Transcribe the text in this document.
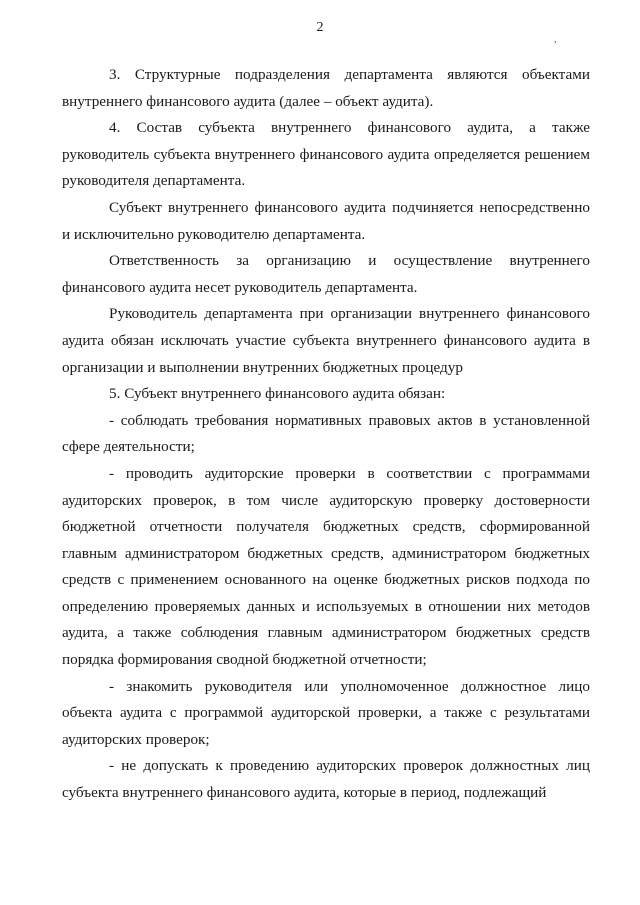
2
,

3. Структурные подразделения департамента являются объектами внутреннего финансового аудита (далее – объект аудита).

4. Состав субъекта внутреннего финансового аудита, а также руководитель субъекта внутреннего финансового аудита определяется решением руководителя департамента.

Субъект внутреннего финансового аудита подчиняется непосредственно и исключительно руководителю департамента.

Ответственность за организацию и осуществление внутреннего финансового аудита несет руководитель департамента.

Руководитель департамента при организации внутреннего финансового аудита обязан исключать участие субъекта внутреннего финансового аудита в организации и выполнении внутренних бюджетных процедур

5. Субъект внутреннего финансового аудита обязан:

- соблюдать требования нормативных правовых актов в установленной сфере деятельности;

- проводить аудиторские проверки в соответствии с программами аудиторских проверок, в том числе аудиторскую проверку достоверности бюджетной отчетности получателя бюджетных средств, сформированной главным администратором бюджетных средств, администратором бюджетных средств с применением основанного на оценке бюджетных рисков подхода по определению проверяемых данных и используемых в отношении них методов аудита, а также соблюдения главным администратором бюджетных средств порядка формирования сводной бюджетной отчетности;

- знакомить руководителя или уполномоченное должностное лицо объекта аудита с программой аудиторской проверки, а также с результатами аудиторских проверок;

- не допускать к проведению аудиторских проверок должностных лиц субъекта внутреннего финансового аудита, которые в период, подлежащий
